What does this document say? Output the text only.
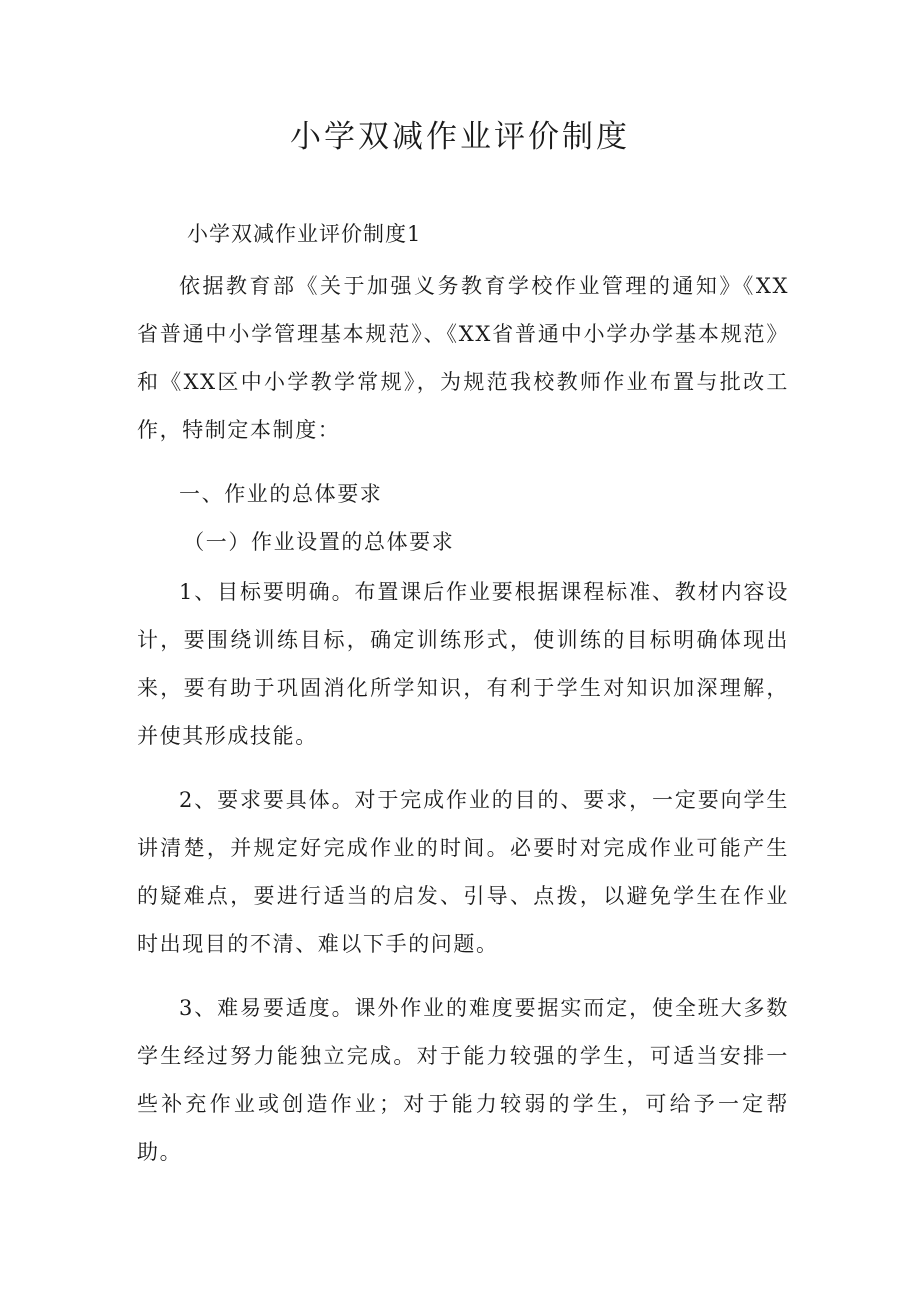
小学双减作业评价制度

小学双减作业评价制度1

依据教育部《关于加强义务教育学校作业管理的通知》《XX省普通中小学管理基本规范》、《XX省普通中小学办学基本规范》和《XX区中小学教学常规》，为规范我校教师作业布置与批改工作，特制定本制度：

一、作业的总体要求

（一）作业设置的总体要求

1、目标要明确。布置课后作业要根据课程标准、教材内容设计，要围绕训练目标，确定训练形式，使训练的目标明确体现出来，要有助于巩固消化所学知识，有利于学生对知识加深理解，并使其形成技能。

2、要求要具体。对于完成作业的目的、要求，一定要向学生讲清楚，并规定好完成作业的时间。必要时对完成作业可能产生的疑难点，要进行适当的启发、引导、点拨，以避免学生在作业时出现目的不清、难以下手的问题。

3、难易要适度。课外作业的难度要据实而定，使全班大多数学生经过努力能独立完成。对于能力较强的学生，可适当安排一些补充作业或创造作业；对于能力较弱的学生，可给予一定帮助。
